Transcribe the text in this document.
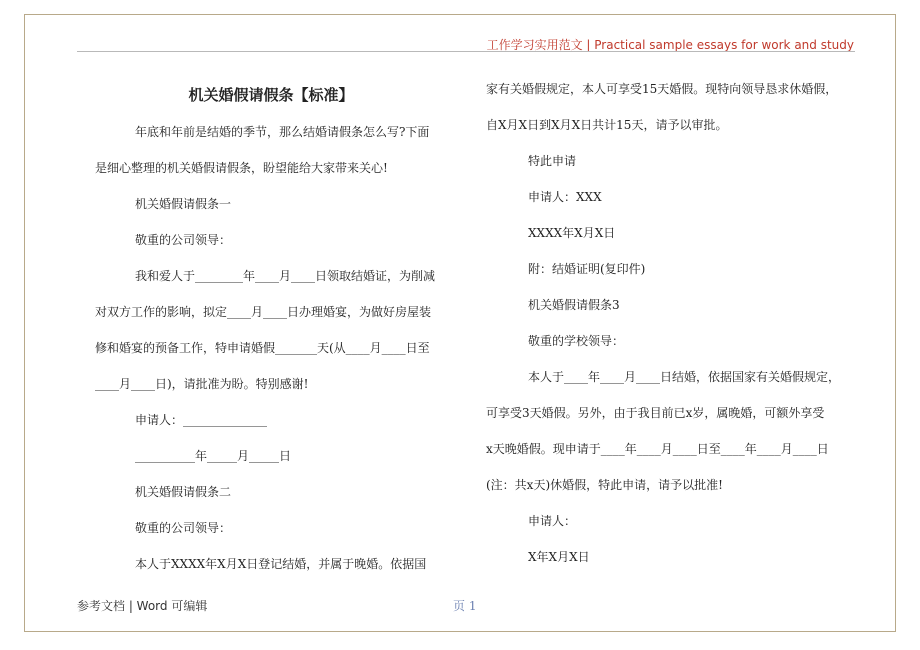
工作学习实用范文 | Practical sample essays for work and study
机关婚假请假条【标准】

年底和年前是结婚的季节，那么结婚请假条怎么写?下面

是细心整理的机关婚假请假条，盼望能给大家带来关心!

机关婚假请假条一

敬重的公司领导：

我和爱人于________年____月____日领取结婚证，为削减

对双方工作的影响，拟定____月____日办理婚宴，为做好房屋装

修和婚宴的预备工作，特申请婚假_______天(从____月____日至

____月____日)，请批准为盼。特别感谢!

申请人：______________

__________年_____月_____日

机关婚假请假条二

敬重的公司领导：

本人于XXXX年X月X日登记结婚，并属于晚婚。依据国

家有关婚假规定，本人可享受15天婚假。现特向领导恳求休婚假，

自X月X日到X月X日共计15天，请予以审批。

特此申请

申请人：XXX

XXXX年X月X日

附：结婚证明(复印件)

机关婚假请假条3

敬重的学校领导：

本人于____年____月____日结婚，依据国家有关婚假规定，

可享受3天婚假。另外，由于我目前已x岁，属晚婚，可额外享受

x天晚婚假。现申请于____年____月____日至____年____月____日

(注：共x天)休婚假，特此申请，请予以批准!

申请人：

X年X月X日

参考文档 | Word 可编辑	页 1
